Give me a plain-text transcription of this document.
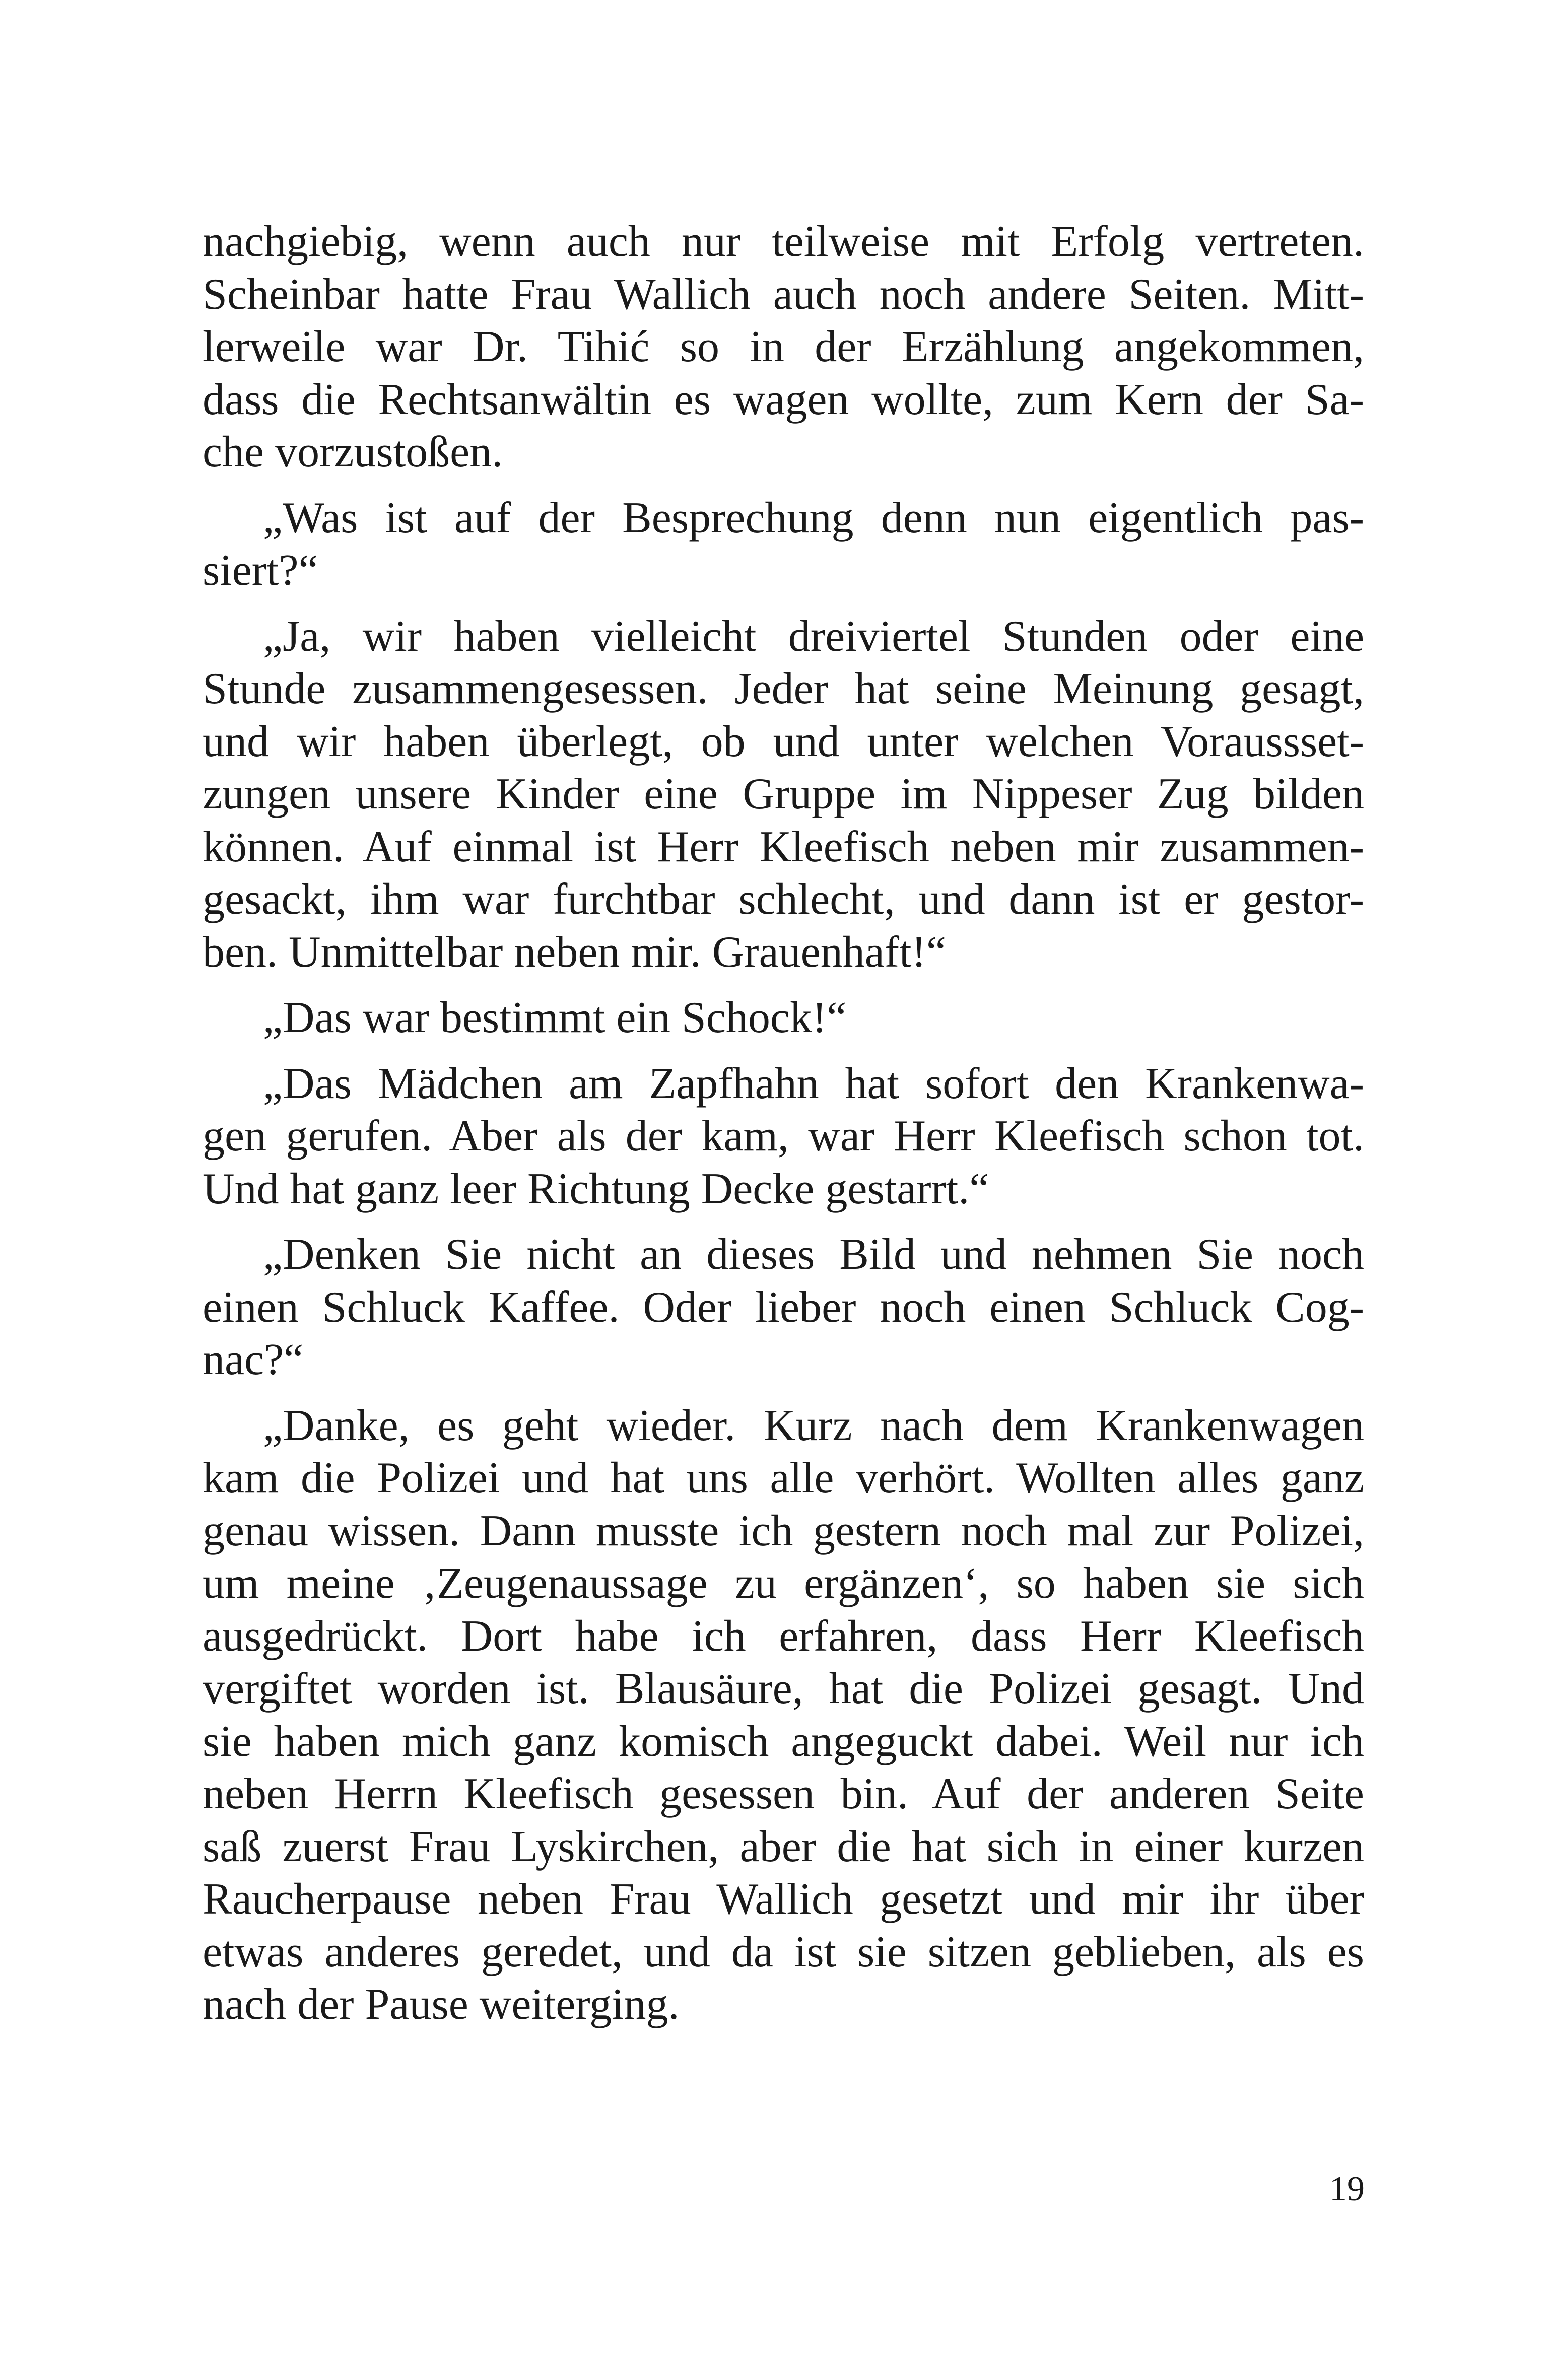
nachgiebig, wenn auch nur teilweise mit Erfolg vertreten.
Scheinbar hatte Frau Wallich auch noch andere Seiten. Mitt-
lerweile war Dr. Tihić so in der Erzählung angekommen,
dass die Rechtsanwältin es wagen wollte, zum Kern der Sa-
che vorzustoßen.
„Was ist auf der Besprechung denn nun eigentlich pas-
siert?“
„Ja, wir haben vielleicht dreiviertel Stunden oder eine
Stunde zusammengesessen. Jeder hat seine Meinung gesagt,
und wir haben überlegt, ob und unter welchen Voraussset-
zungen unsere Kinder eine Gruppe im Nippeser Zug bilden
können. Auf einmal ist Herr Kleefisch neben mir zusammen-
gesackt, ihm war furchtbar schlecht, und dann ist er gestor-
ben. Unmittelbar neben mir. Grauenhaft!“
„Das war bestimmt ein Schock!“
„Das Mädchen am Zapfhahn hat sofort den Krankenwa-
gen gerufen. Aber als der kam, war Herr Kleefisch schon tot.
Und hat ganz leer Richtung Decke gestarrt.“
„Denken Sie nicht an dieses Bild und nehmen Sie noch
einen Schluck Kaffee. Oder lieber noch einen Schluck Cog-
nac?“
„Danke, es geht wieder. Kurz nach dem Krankenwagen
kam die Polizei und hat uns alle verhört. Wollten alles ganz
genau wissen. Dann musste ich gestern noch mal zur Polizei,
um meine ‚Zeugenaussage zu ergänzen‘, so haben sie sich
ausgedrückt. Dort habe ich erfahren, dass Herr Kleefisch
vergiftet worden ist. Blausäure, hat die Polizei gesagt. Und
sie haben mich ganz komisch angeguckt dabei. Weil nur ich
neben Herrn Kleefisch gesessen bin. Auf der anderen Seite
saß zuerst Frau Lyskirchen, aber die hat sich in einer kurzen
Raucherpause neben Frau Wallich gesetzt und mir ihr über
etwas anderes geredet, und da ist sie sitzen geblieben, als es
nach der Pause weiterging.
19
